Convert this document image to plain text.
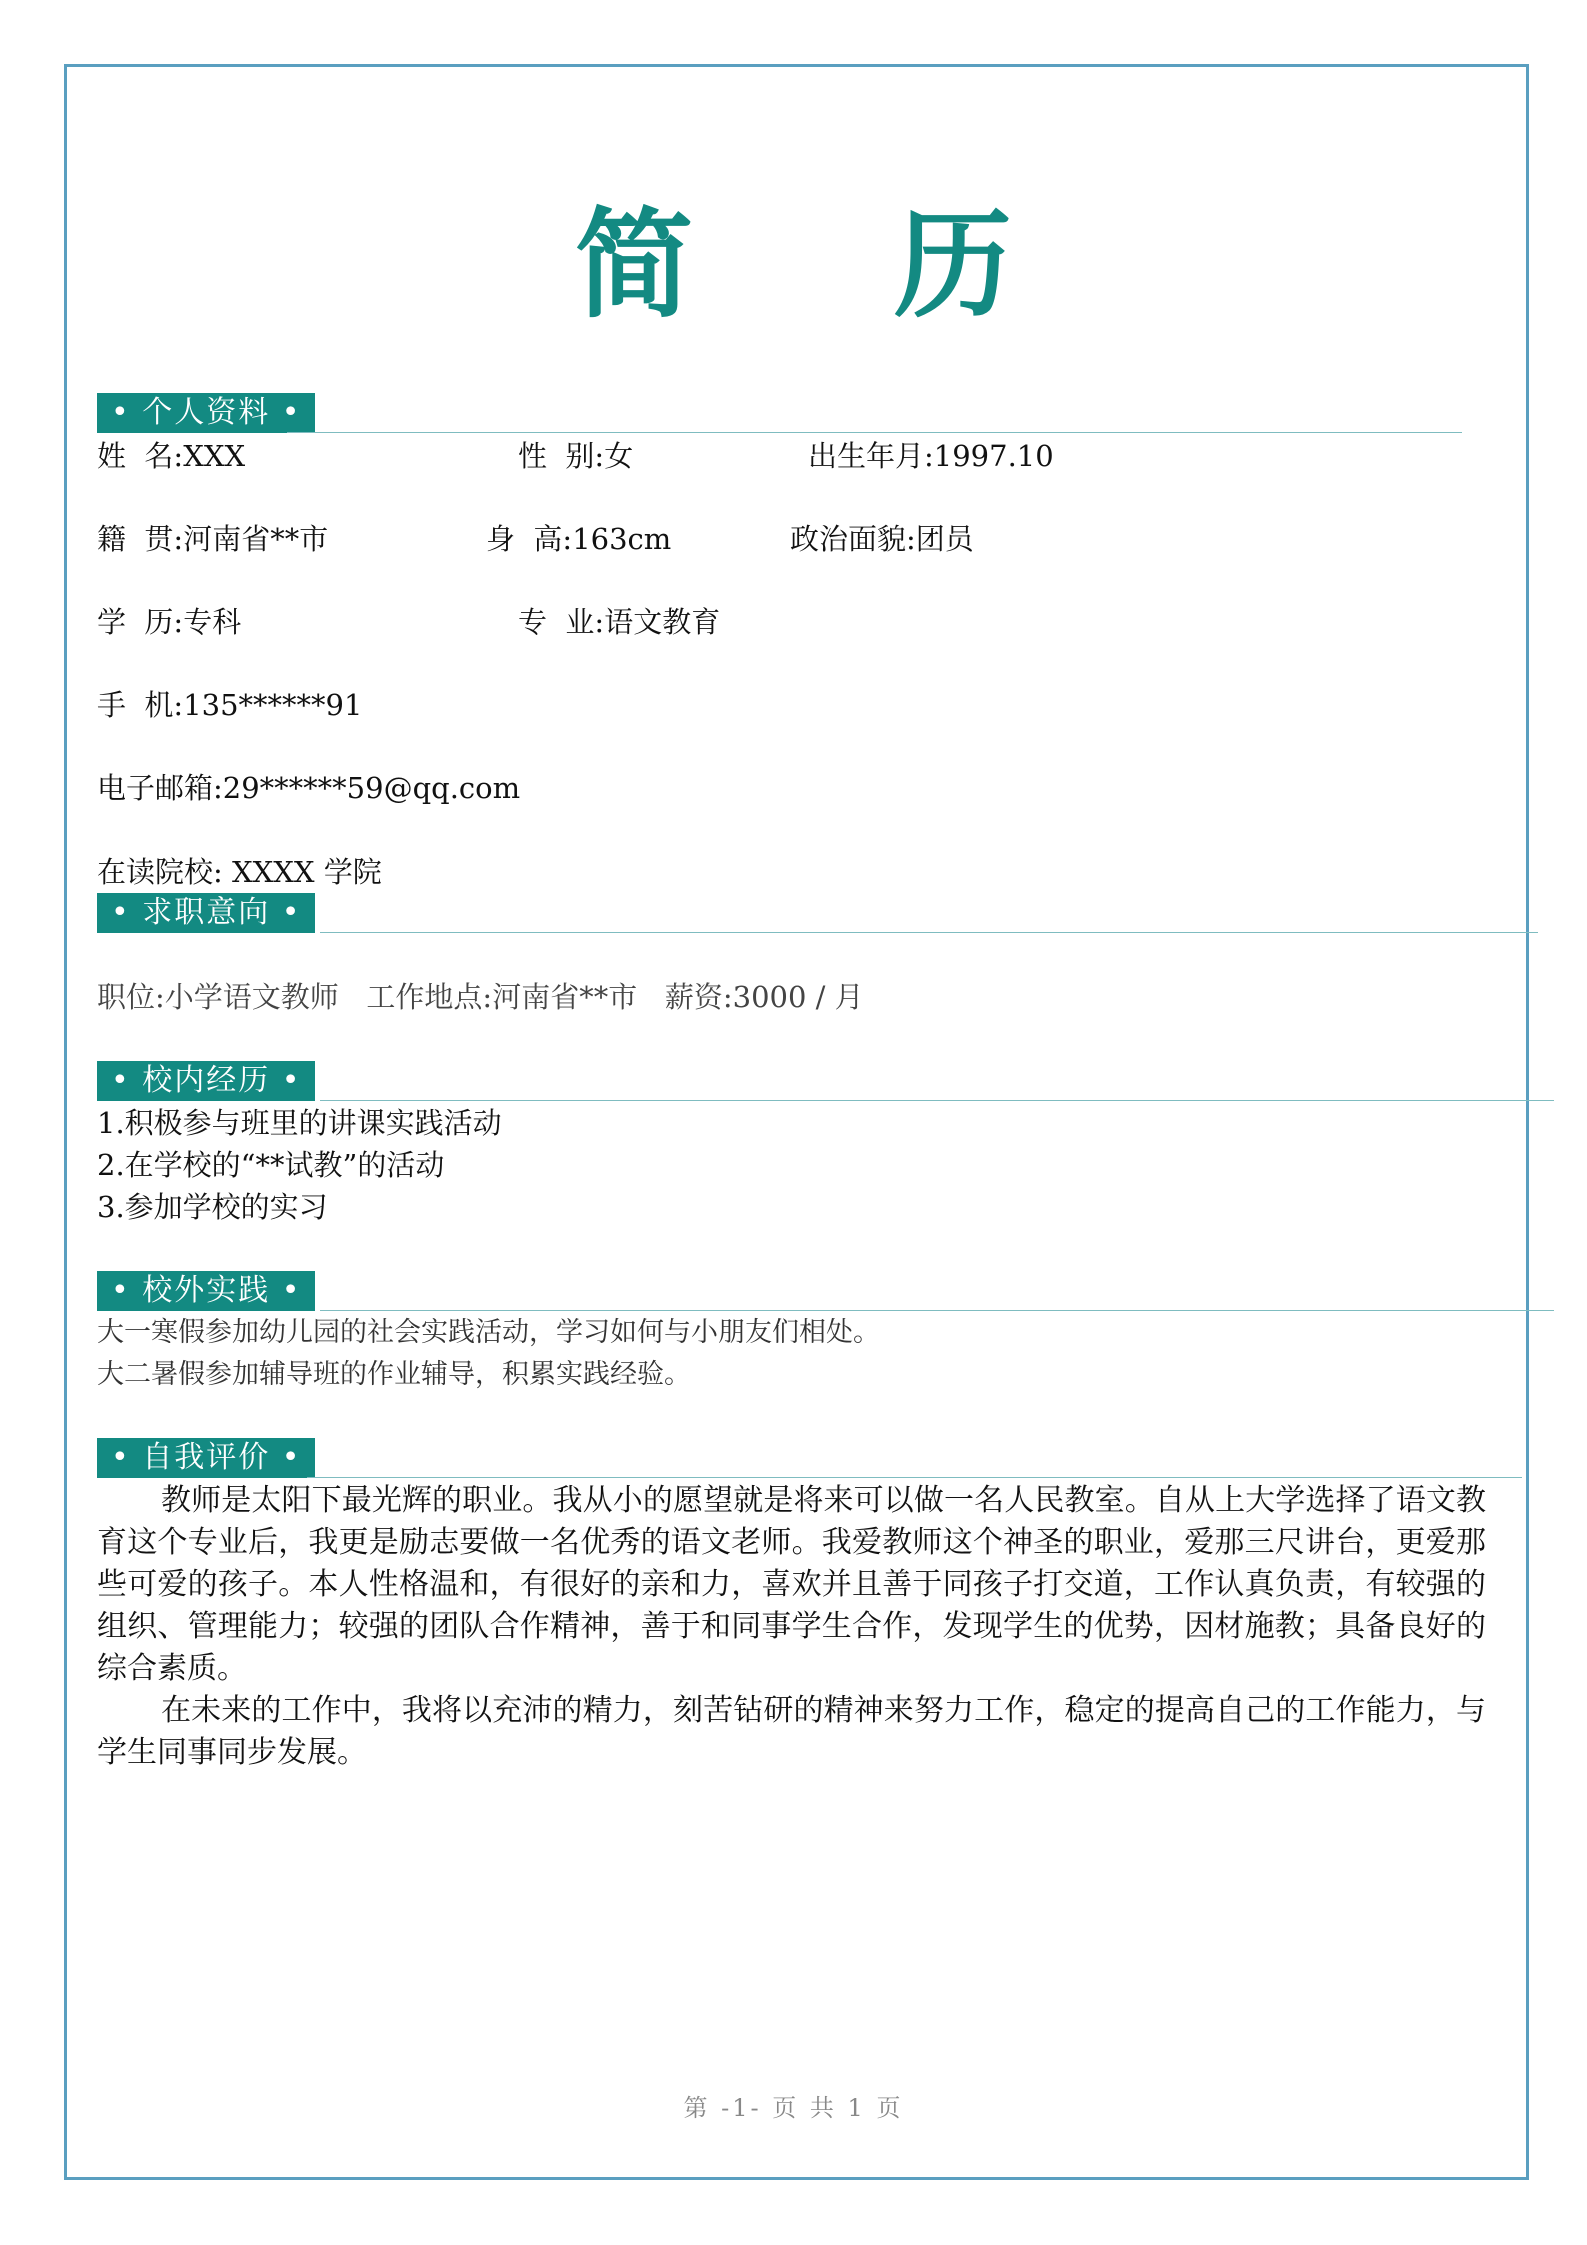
简 历
• 个人资料 •
姓  名:XXX	性  别:女	出生年月:1997.10
籍  贯:河南省**市	身  高:163cm	政治面貌:团员
学  历:专科	专  业:语文教育
手  机:135******91
电子邮箱:29******59@qq.com
在读院校: XXXX 学院
• 求职意向 •
职位:小学语文教师   工作地点:河南省**市   薪资:3000 / 月
• 校内经历 •
1.积极参与班里的讲课实践活动
2.在学校的“**试教”的活动
3.参加学校的实习
• 校外实践 •
大一寒假参加幼儿园的社会实践活动，学习如何与小朋友们相处。
大二暑假参加辅导班的作业辅导，积累实践经验。
• 自我评价 •

教师是太阳下最光辉的职业。我从小的愿望就是将来可以做一名人民教室。自从上大学选择了语文教育这个专业后，我更是励志要做一名优秀的语文老师。我爱教师这个神圣的职业，爱那三尺讲台，更爱那些可爱的孩子。本人性格温和，有很好的亲和力，喜欢并且善于同孩子打交道，工作认真负责，有较强的组织、管理能力；较强的团队合作精神，善于和同事学生合作，发现学生的优势，因材施教；具备良好的综合素质。

在未来的工作中，我将以充沛的精力，刻苦钻研的精神来努力工作，稳定的提高自己的工作能力，与学生同事同步发展。

第 -1- 页 共 1 页
